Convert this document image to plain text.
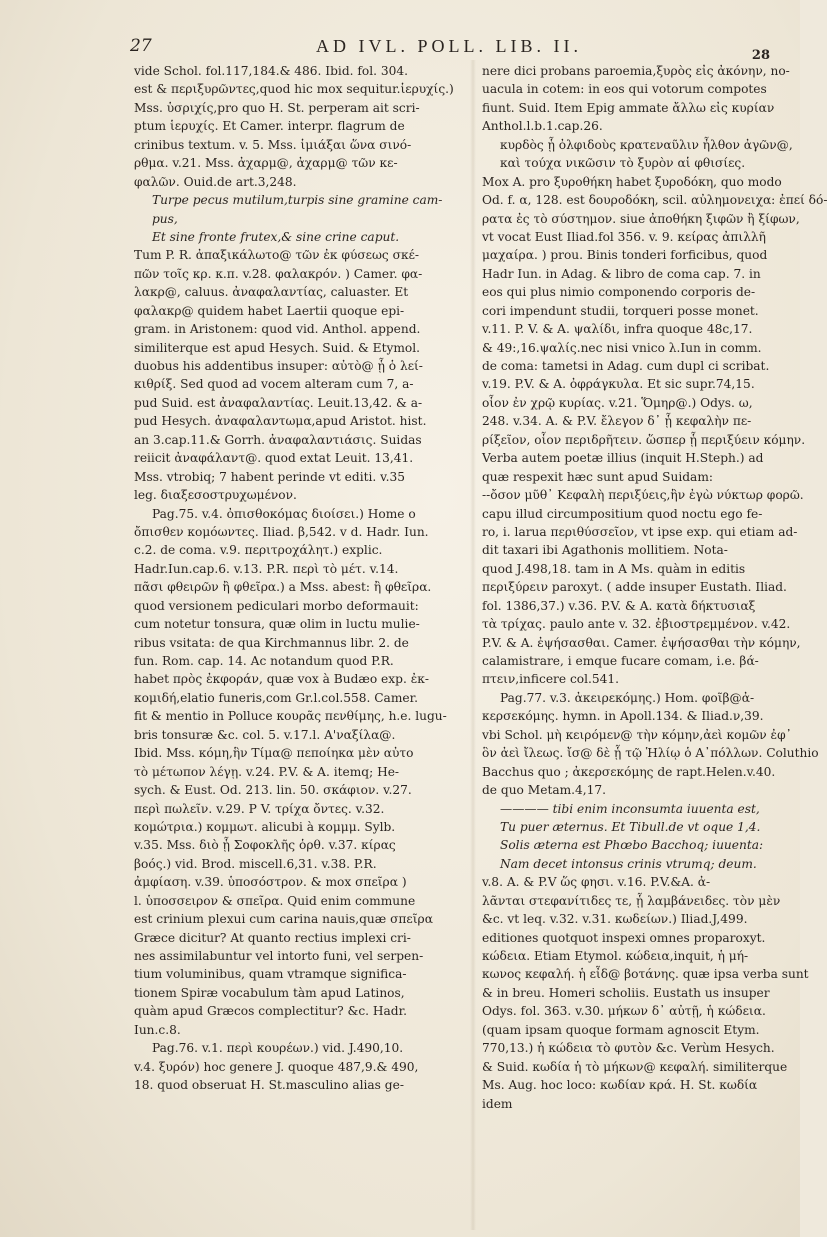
27	AD IVL. POLL. LIB. II.	28
vide Schol. fol.117,184.& 486. Ibid. fol. 304.
est & περιξυρῶντες,quod hic mox sequitur.ἱερυχίς.)
Mss. ὑσριχίς,pro quo H. St. perperam ait scri-
ptum ἱερυχίς. Et Camer. interpr. flagrum de
crinibus textum. v. 5. Mss. ἱμιάξαι ὥνα σινό-
ρθμα. v.21. Mss. ἀχαρμ@, ἀχαρμ@ τῶν κε-
φαλῶν. Ouid.de art.3,248.
Turpe pecus mutilum,turpis sine gramine cam-
pus,
Et sine fronte frutex,& sine crine caput.
Tum P. R. ἀπαξικάλωτο@ τῶν ἐκ φύσεως σκέ-
πῶν τοῖς κρ. κ.π. v.28. φαλακρόν. ) Camer. φα-
λακρ@, caluus. ἀναφαλαντίας, caluaster. Et
φαλακρ@ quidem habet Laertii quoque epi-
gram. in Aristonem: quod vid. Anthol. append.
similiterque est apud Hesych. Suid. & Etymol.
duobus his addentibus insuper: αὐτὸ@ ᾗ ὁ λεί-
κιθρίξ. Sed quod ad vocem alteram cum 7, a-
pud Suid. est ἀναφαλαντίας. Leuit.13,42. & a-
pud Hesych. ἀναφαλαντωμα,apud Aristot. hist.
an 3.cap.11.& Gorrh. ἀναφαλαντιάσις. Suidas
reiicit ἀναφάλαντ@. quod extat Leuit. 13,41.
Mss. vtrobiq; 7 habent perinde vt editi. v.35
leg. διαξεσοστρυχωμένον.
Pag.75. v.4. ὀπισθοκόμας διοίσει.) Home o
ὄπισθεν κομόωντες. Iliad. β,542. v d. Hadr. Iun.
c.2. de coma. v.9. περιτροχάλητ.) explic.
Hadr.Iun.cap.6. v.13. P.R. περὶ τὸ μέτ. v.14.
πᾶσι φθειρῶν ἢ φθεῖρα.) a Mss. abest: ἢ φθεῖρα.
quod versionem pediculari morbo deformauit:
cum notetur tonsura, quæ olim in luctu mulie-
ribus vsitata: de qua Kirchmannus libr. 2. de
fun. Rom. cap. 14. Ac notandum quod P.R.
habet πρὸς ἐκφοράν, quæ vox à Budæo exp. ἐκ-
κομιδή,elatio funeris,com Gr.l.col.558. Camer.
fit & mentio in Polluce κουρᾶς πενθίμης, h.e. lugu-
bris tonsuræ &c. col. 5. v.17.l. Α'ναξίλα@.
Ibid. Mss. κόμη,ἣν Τίμα@ πεποίηκα μὲν αὐτο
τὸ μέτωπον λέγῃ. v.24. P.V. & A. itemq; He-
sych. & Eust. Od. 213. lin. 50. σκάφιον. v.27.
περὶ πωλεῖν. v.29. P V. τρίχα ὄντες. v.32.
κομώτρια.) κομμωτ. alicubi à κομμμ. Sylb.
v.35. Mss. διὸ ᾗ Σοφοκλῆς ὁρθ. v.37. κίρας
βοός.) vid. Brod. miscell.6,31. v.38. P.R.
ἀμφίαση. v.39. ὑποσόστρον. & mox σπεῖρα )
l. ὑποσσειρον & σπεῖρα. Quid enim commune
est crinium plexui cum carina nauis,quæ σπεῖρα
Græce dicitur? At quanto rectius implexi cri-
nes assimilabuntur vel intorto funi, vel serpen-
tium voluminibus, quam vtramque significa-
tionem Spiræ vocabulum tàm apud Latinos,
quàm apud Græcos complectitur? &c. Hadr.
Iun.c.8.
Pag.76. v.1. περὶ κουρέων.) vid. J.490,10.
v.4. ξυρόν) hoc genere J. quoque 487,9.& 490,
18. quod obseruat H. St.masculino alias ge-
nere dici probans paroemia,ξυρὸς εἰς ἀκόνην, no-
uacula in cotem: in eos qui votorum compotes
fiunt. Suid. Item Epig ammate ἄλλω εἰς κυρίαν
Anthol.l.b.1.cap.26.
κυρδὸς ᾗ ὀλφιδοὺς κρατεναῦλιν ἦλθον ἀγῶν@,
καὶ τούχα νικῶσιν τὸ ξυρὸν αἱ φθισίες.
Mox A. pro ξυροθήκη habet ξυροδόκη, quo modo
Od. f. α, 128. est δουροδόκη, scil. αὐλημονειχα: ἐπεί δό-
ρατα ἐς τὸ σύστημον. siue ἀποθήκη ξιφῶν ἢ ξίφων,
vt vocat Eust Iliad.fol 356. v. 9. κείρας ἀπιλλῆ
μαχαίρα. ) prou. Binis tonderi forficibus, quod
Hadr Iun. in Adag. & libro de coma cap. 7. in
eos qui plus nimio componendo corporis de-
cori impendunt studii, torqueri posse monet.
v.11. P. V. & A. ψαλίδι, infra quoque 48c,17.
& 49:,16.ψαλίς.nec nisi vnico λ.Iun in comm.
de coma: tametsi in Adag. cum dupl ci scribat.
v.19. P.V. & A. ὀφράγκυλα. Et sic supr.74,15.
οἷον ἐν χρῷ κυρίας. v.21. Ὅμηρ@.) Odys. ω,
248. v.34. A. & P.V. ἔλεγον δ᾽ ᾗ κεφαλὴν πε-
ρίξεῖον, οἷον περιδρῆτειν. ὥσπερ ᾗ περιξύειν κόμην.
Verba autem poetæ illius (inquit H.Steph.) ad
quæ respexit hæc sunt apud Suidam:
--ὄσον μῦθ᾽ Κεφαλὴ περιξύεις,ἣν ἐγὼ νύκτωρ φορῶ.
capu illud circumpositium quod noctu ego fe-
ro, i. larua περιθύσσεῖον, vt ipse exp. qui etiam ad-
dit taxari ibi Agathonis mollitiem. Nota-
quod J.498,18. tam in A Ms. quàm in editis
περιξύρειν paroxyt. ( adde insuper Eustath. Iliad.
fol. 1386,37.) v.36. P.V. & A. κατὰ δήκτυσιαξ
τὰ τρίχας. paulo ante v. 32. ἐβιοστρεμμένον. v.42.
P.V. & A. ἐψήσασθαι. Camer. ἐψήσασθαι τὴν κόμην,
calamistrare, i emque fucare comam, i.e. βά-
πτειν,inficere col.541.
Pag.77. v.3. ἀκειρεκόμης.) Hom. φοῖβ@ἀ-
κερσεκόμης. hymn. in Apoll.134. & Iliad.ν,39.
vbi Schol. μὴ κειρόμεν@ τὴν κόμην,ἀεὶ κομῶν ἐφ᾽
ὃν ἀεὶ ἴλεως. ἴσ@ δὲ ᾗ τῷ Ἡλίῳ ὁ Α᾽πόλλων. Coluthio
Bacchus quo ; ἀκερσεκόμης de rapt.Helen.v.40.
de quo Metam.4,17.
———— tibi enim inconsumta iuuenta est,
Tu puer æternus. Et Tibull.de vt oque 1,4.
Solis æterna est Phœbo Bacchoq; iuuenta:
Nam decet intonsus crinis vtrumq; deum.
v.8. A. & P.V ὥς φησι. v.16. P.V.&A. ἀ-
λᾶνται στεφανίτιδες τε, ᾗ λαμβάνειδες. τὸν μὲν
&c. vt leq. v.32. v.31. κωδείων.) Iliad.J,499.
editiones quotquot inspexi omnes proparoxyt.
κώδεια. Etiam Etymol. κώδεια,inquit, ἡ μή-
κωνος κεφαλή. ἡ εἶδ@ βοτάνης. quæ ipsa verba sunt
& in breu. Homeri scholiis. Eustath us insuper
Odys. fol. 363. v.30. μήκων δ᾽ αὐτῇ, ἡ κώδεια.
(quam ipsam quoque formam agnoscit Etym.
770,13.) ἡ κώδεια τὸ φυτὸν &c. Verùm Hesych.
& Suid. κωδία ἡ τὸ μήκων@ κεφαλή. similiterque
Ms. Aug. hoc loco: κωδίαν κρά. H. St. κωδία
idem
